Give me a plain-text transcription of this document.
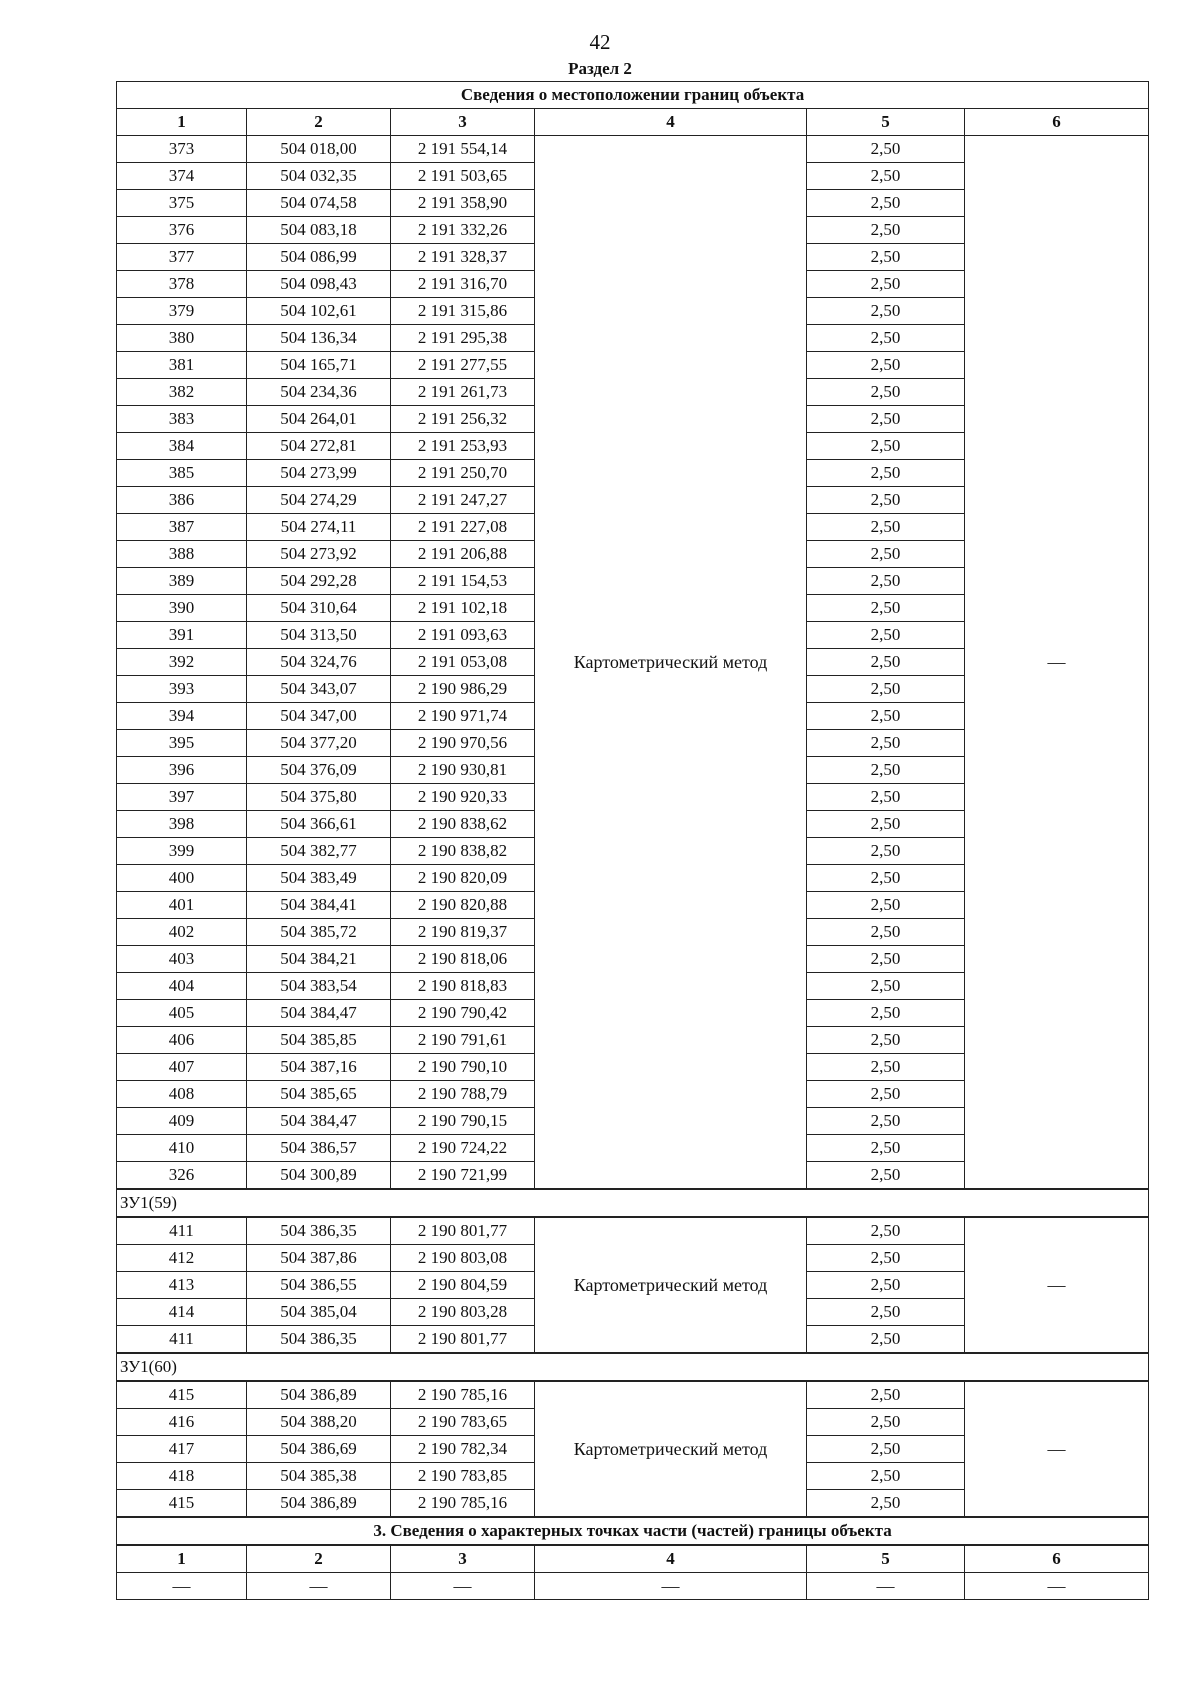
42
Раздел 2
Сведения о местоположении границ объекта					
1	2	3	4	5	6
373	504 018,00	2 191 554,14	Картометрический метод	2,50	—
374	504 032,35	2 191 503,65		2,50	
375	504 074,58	2 191 358,90		2,50	
376	504 083,18	2 191 332,26		2,50	
377	504 086,99	2 191 328,37		2,50	
378	504 098,43	2 191 316,70		2,50	
379	504 102,61	2 191 315,86		2,50	
380	504 136,34	2 191 295,38		2,50	
381	504 165,71	2 191 277,55		2,50	
382	504 234,36	2 191 261,73		2,50	
383	504 264,01	2 191 256,32		2,50	
384	504 272,81	2 191 253,93		2,50	
385	504 273,99	2 191 250,70		2,50	
386	504 274,29	2 191 247,27		2,50	
387	504 274,11	2 191 227,08		2,50	
388	504 273,92	2 191 206,88		2,50	
389	504 292,28	2 191 154,53		2,50	
390	504 310,64	2 191 102,18		2,50	
391	504 313,50	2 191 093,63		2,50	
392	504 324,76	2 191 053,08		2,50	
393	504 343,07	2 190 986,29		2,50	
394	504 347,00	2 190 971,74		2,50	
395	504 377,20	2 190 970,56		2,50	
396	504 376,09	2 190 930,81		2,50	
397	504 375,80	2 190 920,33		2,50	
398	504 366,61	2 190 838,62		2,50	
399	504 382,77	2 190 838,82		2,50	
400	504 383,49	2 190 820,09		2,50	
401	504 384,41	2 190 820,88		2,50	
402	504 385,72	2 190 819,37		2,50	
403	504 384,21	2 190 818,06		2,50	
404	504 383,54	2 190 818,83		2,50	
405	504 384,47	2 190 790,42		2,50	
406	504 385,85	2 190 791,61		2,50	
407	504 387,16	2 190 790,10		2,50	
408	504 385,65	2 190 788,79		2,50	
409	504 384,47	2 190 790,15		2,50	
410	504 386,57	2 190 724,22		2,50	
326	504 300,89	2 190 721,99		2,50	
ЗУ1(59)					
411	504 386,35	2 190 801,77	Картометрический метод	2,50	—
412	504 387,86	2 190 803,08		2,50	
413	504 386,55	2 190 804,59		2,50	
414	504 385,04	2 190 803,28		2,50	
411	504 386,35	2 190 801,77		2,50	
ЗУ1(60)					
415	504 386,89	2 190 785,16	Картометрический метод	2,50	—
416	504 388,20	2 190 783,65		2,50	
417	504 386,69	2 190 782,34		2,50	
418	504 385,38	2 190 783,85		2,50	
415	504 386,89	2 190 785,16		2,50	
3. Сведения о характерных точках части (частей) границы объекта					
1	2	3	4	5	6
—	—	—	—	—	—
